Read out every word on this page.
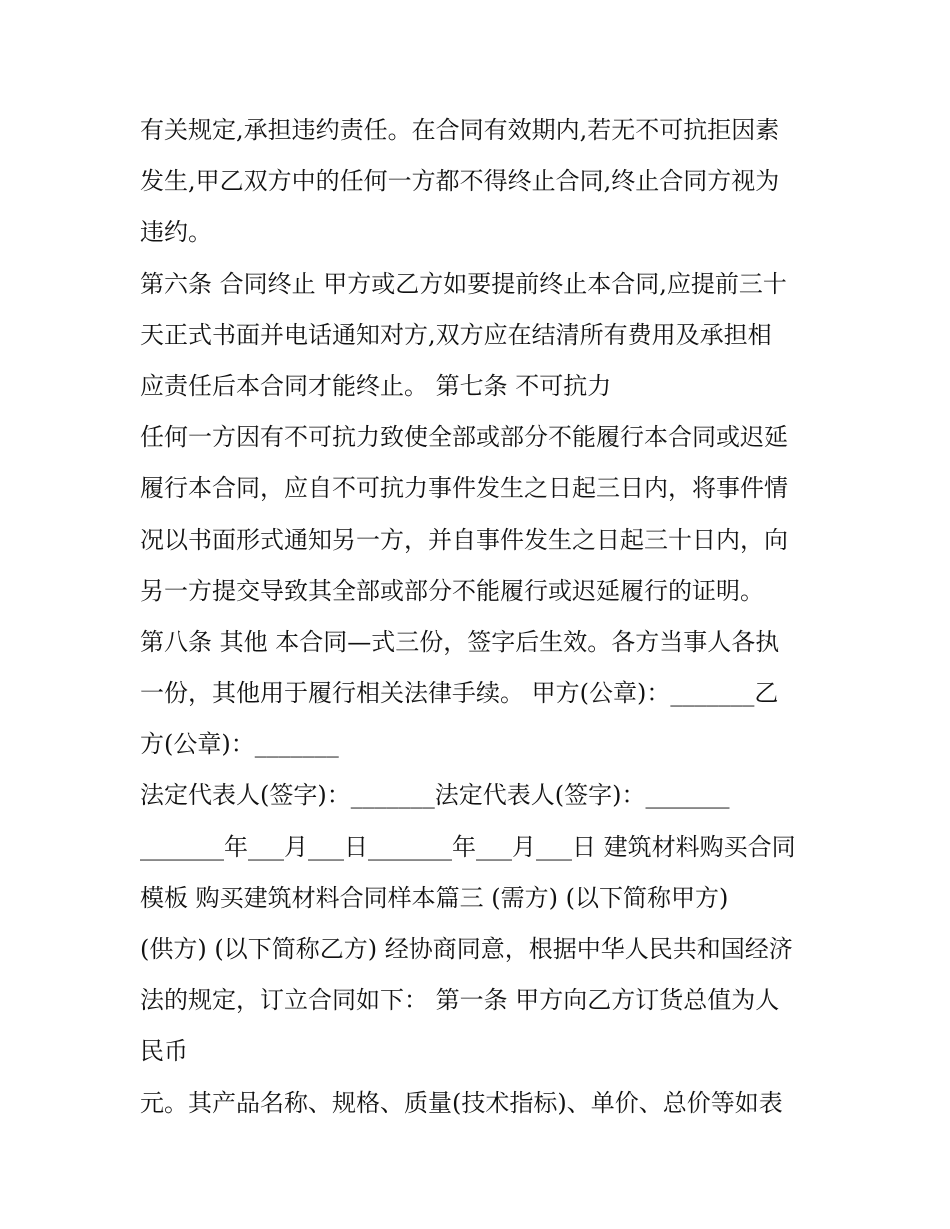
有关规定,承担违约责任。在合同有效期内,若无不可抗拒因素
发生,甲乙双方中的任何一方都不得终止合同,终止合同方视为
违约。
第六条 合同终止 甲方或乙方如要提前终止本合同,应提前三十
天正式书面并电话通知对方,双方应在结清所有费用及承担相
应责任后本合同才能终止。 第七条 不可抗力
任何一方因有不可抗力致使全部或部分不能履行本合同或迟延
履行本合同，应自不可抗力事件发生之日起三日内，将事件情
况以书面形式通知另一方，并自事件发生之日起三十日内，向
另一方提交导致其全部或部分不能履行或迟延履行的证明。
第八条 其他 本合同—式三份，签字后生效。各方当事人各执
一份，其他用于履行相关法律手续。 甲方(公章)：_______乙
方(公章)：_______
法定代表人(签字)：_______法定代表人(签字)：_______
_______年___月___日_______年___月___日 建筑材料购买合同
模板 购买建筑材料合同样本篇三 (需方) (以下简称甲方)
(供方) (以下简称乙方) 经协商同意，根据中华人民共和国经济
法的规定，订立合同如下： 第一条 甲方向乙方订货总值为人
民币
元。其产品名称、规格、质量(技术指标)、单价、总价等如表
